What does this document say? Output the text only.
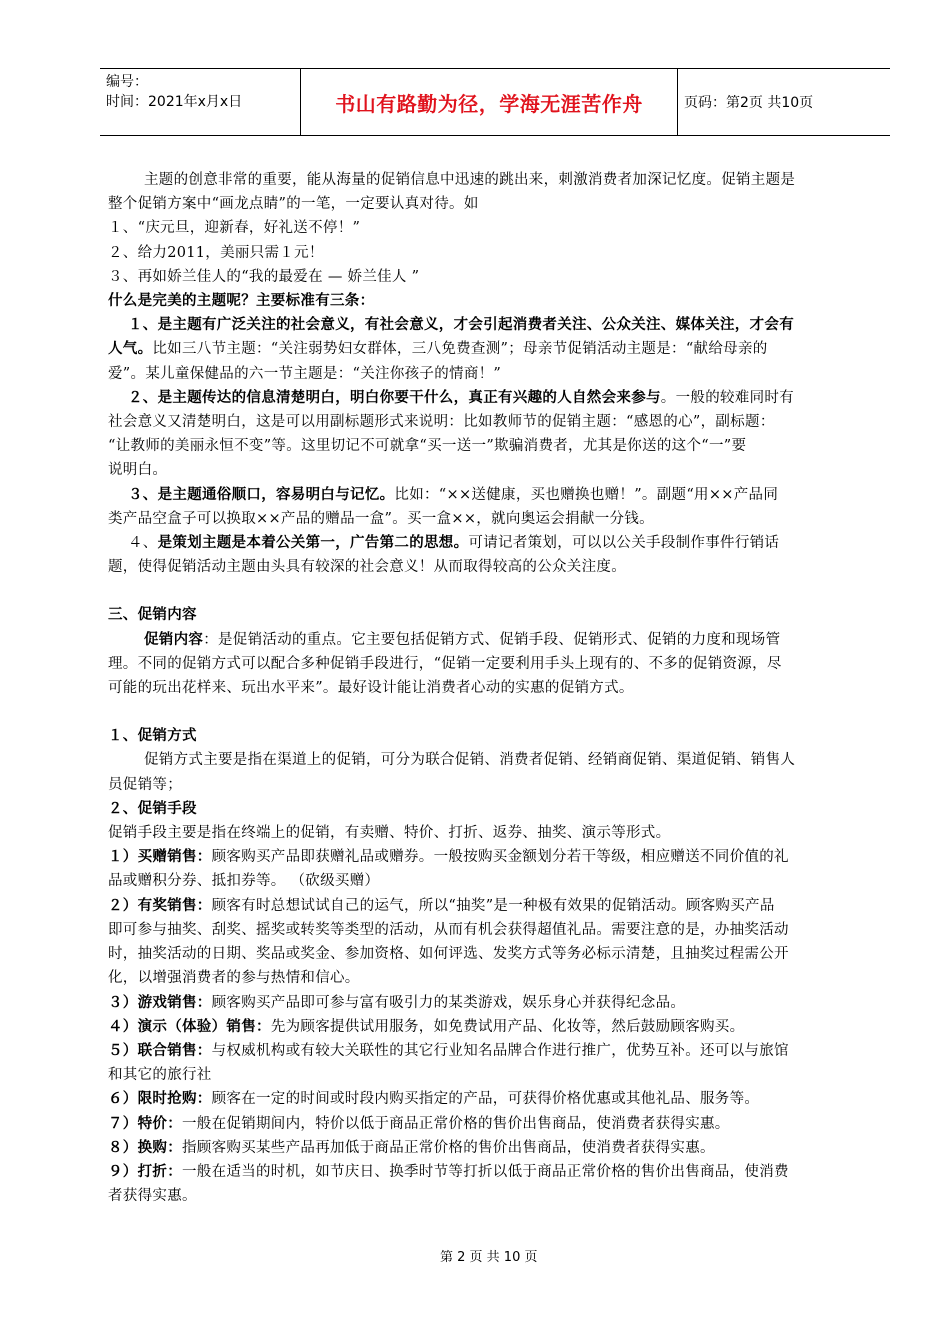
编号：
时间：2021年x月x日	书山有路勤为径，学海无涯苦作舟	页码：第2页 共10页
主题的创意非常的重要，能从海量的促销信息中迅速的跳出来，刺激消费者加深记忆度。促销主题是
整个促销方案中“画龙点睛”的一笔，一定要认真对待。如
１、“庆元旦，迎新春，好礼送不停！”
２、给力2011，美丽只需１元！
３、再如娇兰佳人的“我的最爱在 — 娇兰佳人 ”
什么是完美的主题呢？主要标准有三条：
１、是主题有广泛关注的社会意义，有社会意义，才会引起消费者关注、公众关注、媒体关注，才会有
人气。比如三八节主题：“关注弱势妇女群体，三八免费查测”；母亲节促销活动主题是：“献给母亲的
爱”。某儿童保健品的六一节主题是：“关注你孩子的情商！”
２、是主题传达的信息清楚明白，明白你要干什么，真正有兴趣的人自然会来参与。一般的较难同时有
社会意义又清楚明白，这是可以用副标题形式来说明：比如教师节的促销主题：“感恩的心”，副标题：
“让教师的美丽永恒不变”等。这里切记不可就拿“买一送一”欺骗消费者，尤其是你送的这个“一”要
说明白。
３、是主题通俗顺口，容易明白与记忆。比如：“××送健康，买也赠换也赠！”。副题“用××产品同
类产品空盒子可以换取××产品的赠品一盒”。买一盒××，就向奥运会捐献一分钱。
４、是策划主题是本着公关第一，广告第二的思想。可请记者策划，可以以公关手段制作事件行销话
题，使得促销活动主题由头具有较深的社会意义！从而取得较高的公众关注度。
三、促销内容
促销内容：是促销活动的重点。它主要包括促销方式、促销手段、促销形式、促销的力度和现场管
理。不同的促销方式可以配合多种促销手段进行，“促销一定要利用手头上现有的、不多的促销资源，尽
可能的玩出花样来、玩出水平来”。最好设计能让消费者心动的实惠的促销方式。
１、促销方式
促销方式主要是指在渠道上的促销，可分为联合促销、消费者促销、经销商促销、渠道促销、销售人
员促销等；
２、促销手段
促销手段主要是指在终端上的促销，有卖赠、特价、打折、返券、抽奖、演示等形式。
１）买赠销售：顾客购买产品即获赠礼品或赠券。一般按购买金额划分若干等级，相应赠送不同价值的礼
品或赠积分券、抵扣券等。 （砍级买赠）
２）有奖销售：顾客有时总想试试自己的运气，所以“抽奖”是一种极有效果的促销活动。顾客购买产品
即可参与抽奖、刮奖、摇奖或转奖等类型的活动，从而有机会获得超值礼品。需要注意的是，办抽奖活动
时，抽奖活动的日期、奖品或奖金、参加资格、如何评选、发奖方式等务必标示清楚，且抽奖过程需公开
化，以增强消费者的参与热情和信心。
３）游戏销售：顾客购买产品即可参与富有吸引力的某类游戏，娱乐身心并获得纪念品。
４）演示（体验）销售：先为顾客提供试用服务，如免费试用产品、化妆等，然后鼓励顾客购买。
５）联合销售：与权威机构或有较大关联性的其它行业知名品牌合作进行推广，优势互补。还可以与旅馆
和其它的旅行社
６）限时抢购：顾客在一定的时间或时段内购买指定的产品，可获得价格优惠或其他礼品、服务等。
７）特价：一般在促销期间内，特价以低于商品正常价格的售价出售商品，使消费者获得实惠。
８）换购：指顾客购买某些产品再加低于商品正常价格的售价出售商品，使消费者获得实惠。
９）打折：一般在适当的时机，如节庆日、换季时节等打折以低于商品正常价格的售价出售商品，使消费
者获得实惠。
第 2 页 共 10 页
